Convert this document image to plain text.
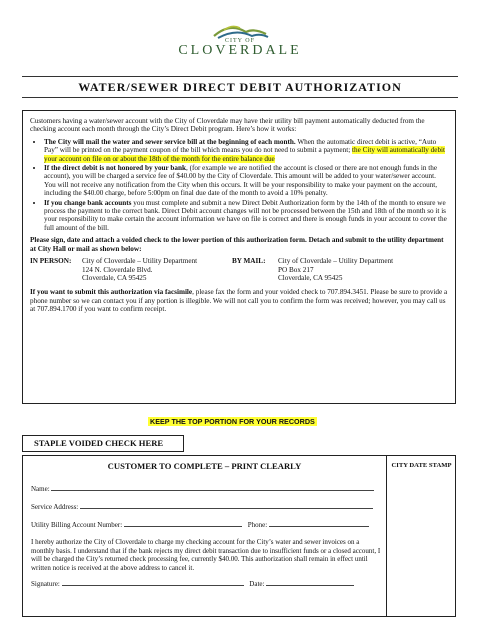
CITY OF
CLOVERDALE
WATER/SEWER DIRECT DEBIT AUTHORIZATION

Customers having a water/sewer account with the City of Cloverdale may have their utility bill payment automatically deducted from the checking account each month through the City’s Direct Debit program. Here’s how it works:

• The City will mail the water and sewer service bill at the beginning of each month. When the automatic direct debit is active, “Auto Pay” will be printed on the payment coupon of the bill which means you do not need to submit a payment; the City will automatically debit your account on file on or about the 18th of the month for the entire balance due
• If the direct debit is not honored by your bank, (for example we are notified the account is closed or there are not enough funds in the account), you will be charged a service fee of $40.00 by the City of Cloverdale. This amount will be added to your water/sewer account. You will not receive any notification from the City when this occurs. It will be your responsibility to make your payment on the account, including the $40.00 charge, before 5:00pm on final due date of the month to avoid a 10% penalty.
• If you change bank accounts you must complete and submit a new Direct Debit Authorization form by the 14th of the month to ensure we process the payment to the correct bank. Direct Debit account changes will not be processed between the 15th and 18th of the month so it is your responsibility to make certain the account information we have on file is correct and there is enough funds in your account to cover the full amount of the bill.

Please sign, date and attach a voided check to the lower portion of this authorization form. Detach and submit to the utility department at City Hall or mail as shown below:

IN PERSON:	City of Cloverdale – Utility Department
124 N. Cloverdale Blvd.
Cloverdale, CA 95425
BY MAIL:	City of Cloverdale – Utility Department
PO Box 217
Cloverdale, CA 95425

If you want to submit this authorization via facsimile, please fax the form and your voided check to 707.894.3451. Please be sure to provide a phone number so we can contact you if any portion is illegible. We will not call you to confirm the form was received; however, you may call us at 707.894.1700 if you want to confirm receipt.

KEEP THE TOP PORTION FOR YOUR RECORDS
STAPLE VOIDED CHECK HERE
CUSTOMER TO COMPLETE – PRINT CLEARLY	CITY DATE STAMP
Name:
Service Address:
Utility Billing Account Number:	Phone:
I hereby authorize the City of Cloverdale to charge my checking account for the City’s water and sewer invoices on a monthly basis. I understand that if the bank rejects my direct debit transaction due to insufficient funds or a closed account, I will be charged the City’s returned check processing fee, currently $40.00. This authorization shall remain in effect until written notice is received at the above address to cancel it.
Signature:	Date:
